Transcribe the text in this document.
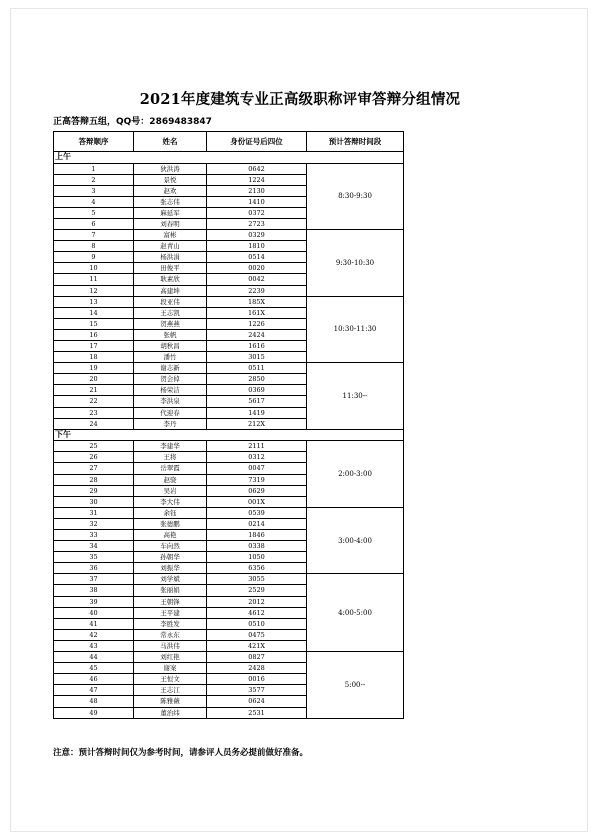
2021年度建筑专业正高级职称评审答辩分组情况
正高答辩五组，QQ号：2869483847
答辩顺序	姓名	身份证号后四位	预计答辩时间段
上午			
1	狄洪涛	0642	8:30-9:30
2	景悦	1224	
3	赵欢	2130	
4	张志伟	1410	
5	麻延军	0372	
6	刘春明	2723	
7	富彬	0329	9:30-10:30
8	赵青山	1810	
9	杨洪涓	0514	
10	田俊平	0020	
11	耿素欣	0042	
12	高建坤	2239	
13	段亚伟	185X	10:30-11:30
14	王志凯	161X	
15	贺燕燕	1226	
16	张帆	2424	
17	胡秋昌	1616	
18	潘竹	3015	
19	谢志新	0511	11:30--
20	贺会倬	2850	
21	杨荣洁	0369	
22	李洪泉	5617	
23	代迎春	1419	
24	李丹	212X	
下午			
25	李建华	2111	2:00-3:00
26	王将	0312	
27	岳翠霞	0047	
28	赵骁	7319	
29	吴岩	0629	
30	李大伟	001X	
31	余钰	0539	3:00-4:00
32	张德鹏	0214	
33	高艳	1846	
34	车向然	0338	
35	孙朝华	1050	
36	刘振华	6356	
37	刘学斌	3055	4:00-5:00
38	张丽娟	2529	
39	王朝锋	2012	
40	王平建	4612	
41	李胜发	0510	
42	常永东	0475	
43	马洪伟	421X	
44	刘红艳	0827	5:00--
45	谢案	2428	
46	王恒文	0016	
47	王志江	3577	
48	陈雅薇	0624	
49	董治纬	2531	
注意：预计答辩时间仅为参考时间，请参评人员务必提前做好准备。
